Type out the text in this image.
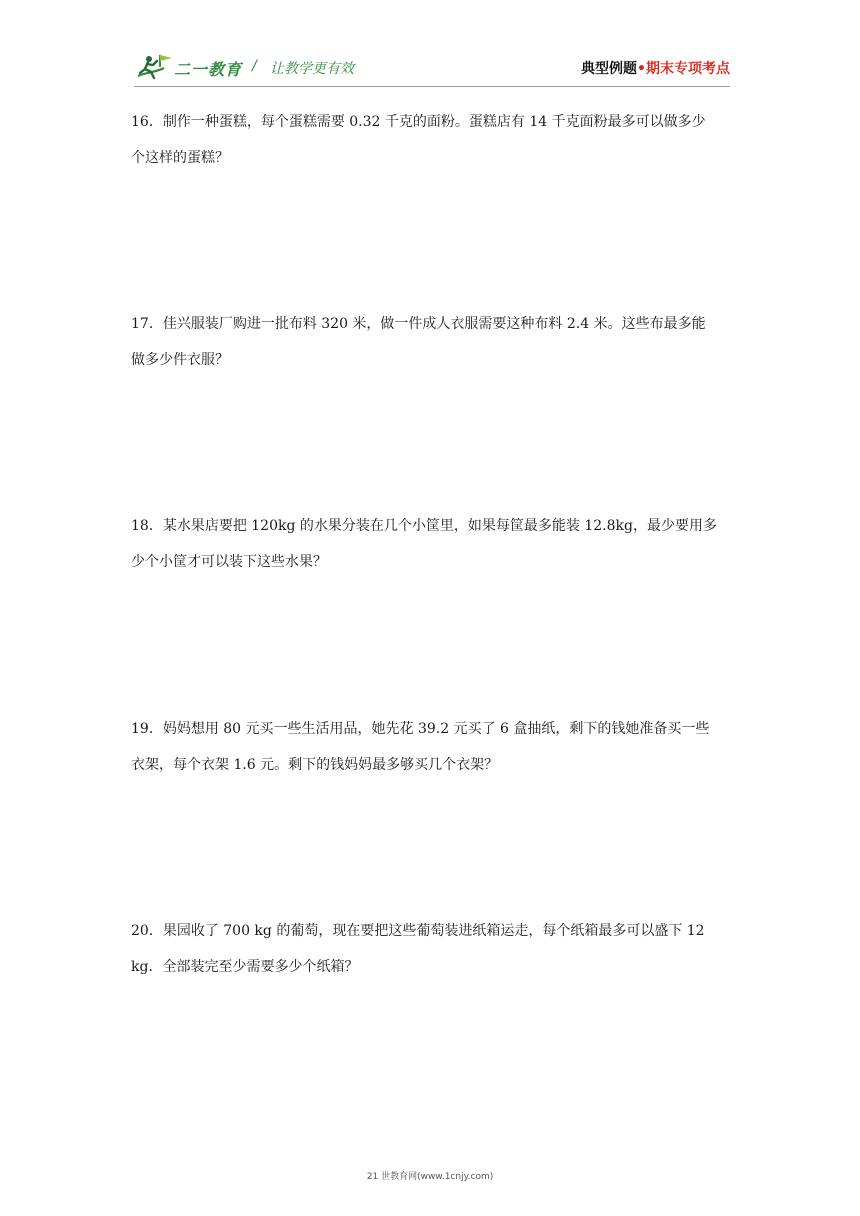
二一教育 / 让教学更有效	典型例题•期末专项考点

16．制作一种蛋糕，每个蛋糕需要 0.32 千克的面粉。蛋糕店有 14 千克面粉最多可以做多少

个这样的蛋糕？

17．佳兴服装厂购进一批布料 320 米，做一件成人衣服需要这种布料 2.4 米。这些布最多能

做多少件衣服？

18．某水果店要把 120kg 的水果分装在几个小筐里，如果每筐最多能装 12.8kg，最少要用多

少个小筐才可以装下这些水果？

19．妈妈想用 80 元买一些生活用品，她先花 39.2 元买了 6 盒抽纸，剩下的钱她准备买一些

衣架，每个衣架 1.6 元。剩下的钱妈妈最多够买几个衣架？

20．果园收了 700 kg 的葡萄，现在要把这些葡萄装进纸箱运走，每个纸箱最多可以盛下 12

kg．全部装完至少需要多少个纸箱？

21 世教育网(www.1cnjy.com)
